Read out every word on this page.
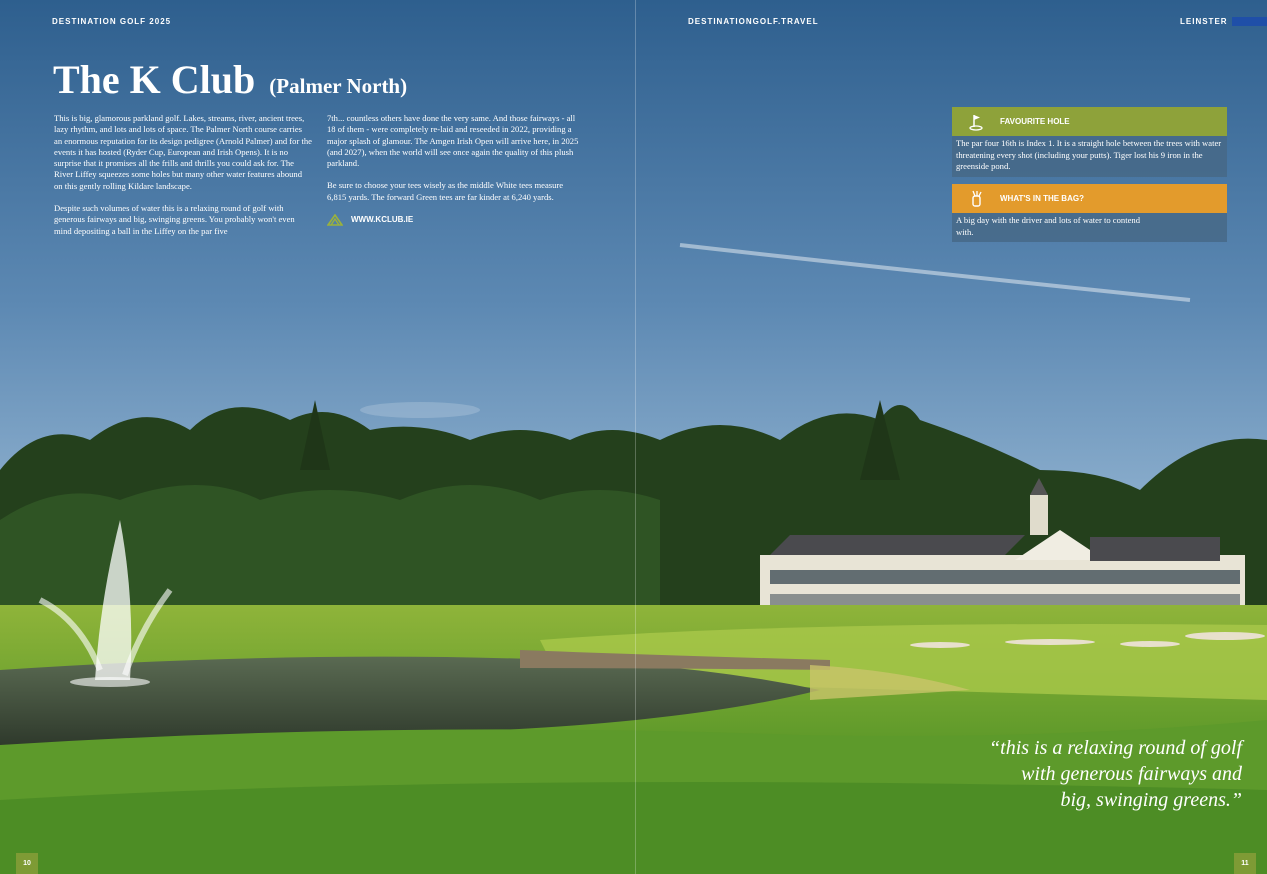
DESTINATION GOLF 2025	DESTINATIONGOLF.TRAVEL	LEINSTER
The K Club (Palmer North)

This is big, glamorous parkland golf. Lakes, streams, river, ancient trees, lazy rhythm, and lots and lots of space. The Palmer North course carries an enormous reputation for its design pedigree (Arnold Palmer) and for the events it has hosted (Ryder Cup, European and Irish Opens). It is no surprise that it promises all the frills and thrills you could ask for. The River Liffey squeezes some holes but many other water features abound on this gently rolling Kildare landscape.

Despite such volumes of water this is a relaxing round of golf with generous fairways and big, swinging greens. You probably won't even mind depositing a ball in the Liffey on the par five

7th... countless others have done the very same. And those fairways - all 18 of them - were completely re-laid and reseeded in 2022, providing a major splash of glamour. The Amgen Irish Open will arrive here, in 2025 (and 2027), when the world will see once again the quality of this plush parkland.

Be sure to choose your tees wisely as the middle White tees measure 6,815 yards. The forward Green tees are far kinder at 6,240 yards.

WWW.KCLUB.IE
FAVOURITE HOLE
The par four 16th is Index 1. It is a straight hole between the trees with water threatening every shot (including your putts). Tiger lost his 9 iron in the greenside pond.
WHAT'S IN THE BAG?
A big day with the driver and lots of water to contend with.
“this is a relaxing round of golf
with generous fairways and
big, swinging greens.”
10	11
